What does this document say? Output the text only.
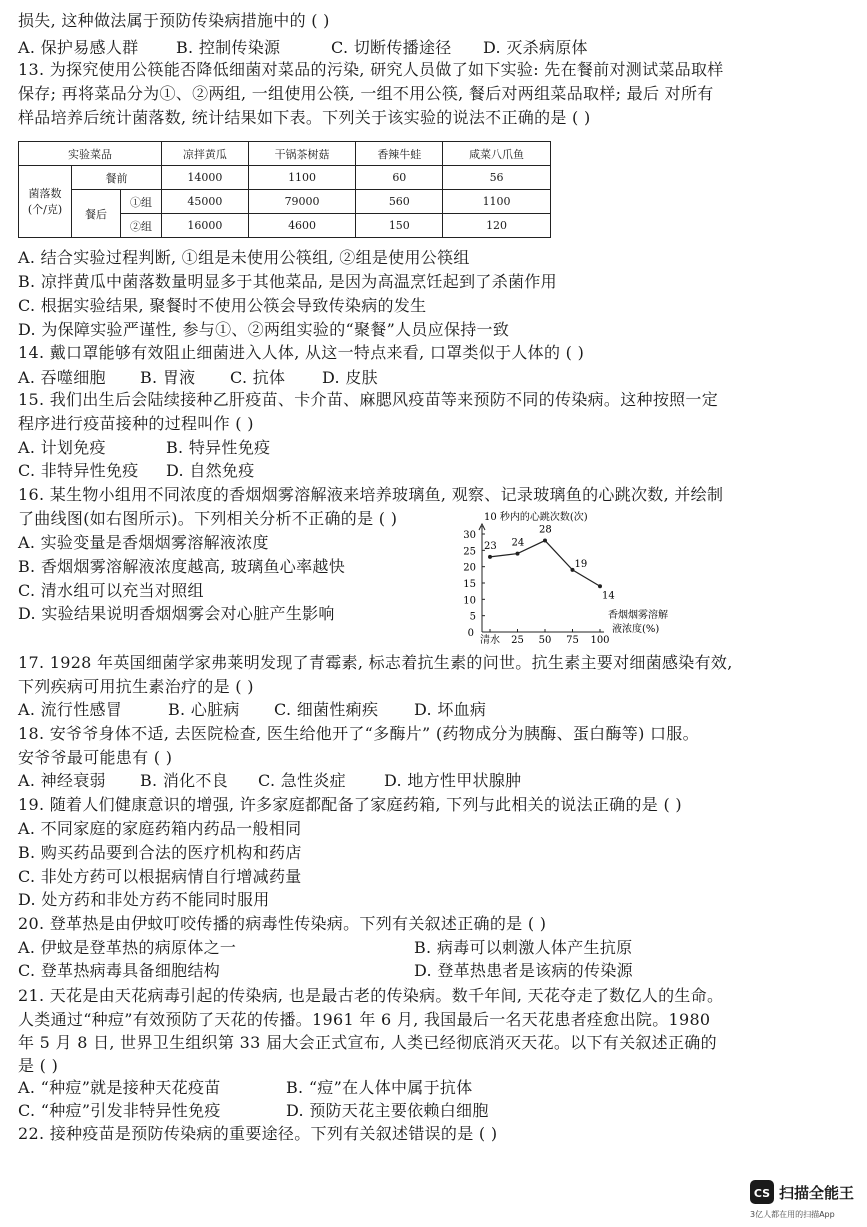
损失, 这种做法属于预防传染病措施中的 ( )
A. 保护易感人群	B. 控制传染源	C. 切断传播途径	D. 灭杀病原体
13. 为探究使用公筷能否降低细菌对菜品的污染, 研究人员做了如下实验: 先在餐前对测试菜品取样
保存; 再将菜品分为①、②两组, 一组使用公筷, 一组不用公筷, 餐后对两组菜品取样; 最后 对所有
样品培养后统计菌落数, 统计结果如下表。下列关于该实验的说法不正确的是 ( )
实验菜品			凉拌黄瓜	干锅茶树菇	香辣牛蛙	咸菜八爪鱼
菌落数
(个/克)	餐前		14000	1100	60	56
	餐后	①组	45000	79000	560	1100
		②组	16000	4600	150	120
A. 结合实验过程判断, ①组是未使用公筷组, ②组是使用公筷组
B. 凉拌黄瓜中菌落数量明显多于其他菜品, 是因为高温烹饪起到了杀菌作用
C. 根据实验结果, 聚餐时不使用公筷会导致传染病的发生
D. 为保障实验严谨性, 参与①、②两组实验的“聚餐”人员应保持一致
14. 戴口罩能够有效阻止细菌进入人体, 从这一特点来看, 口罩类似于人体的 ( )
A. 吞噬细胞	B. 胃液	C. 抗体	D. 皮肤
15. 我们出生后会陆续接种乙肝疫苗、卡介苗、麻腮风疫苗等来预防不同的传染病。这种按照一定
程序进行疫苗接种的过程叫作 ( )
A. 计划免疫	B. 特异性免疫
C. 非特异性免疫	D. 自然免疫
16. 某生物小组用不同浓度的香烟烟雾溶解液来培养玻璃鱼, 观察、记录玻璃鱼的心跳次数, 并绘制
了曲线图(如右图所示)。下列相关分析不正确的是 ( )
A. 实验变量是香烟烟雾溶解液浓度
B. 香烟烟雾溶解液浓度越高, 玻璃鱼心率越快
C. 清水组可以充当对照组
D. 实验结果说明香烟烟雾会对心脏产生影响
10 秒内的心跳次数(次)
香烟烟雾溶解
液浓度(%)
0
5
10
15
20
25
30
清水 25 50 75 100
23 24
28
19
14
17. 1928 年英国细菌学家弗莱明发现了青霉素, 标志着抗生素的问世。抗生素主要对细菌感染有效,
下列疾病可用抗生素治疗的是 ( )
A. 流行性感冒	B. 心脏病	C. 细菌性痢疾	D. 坏血病
18. 安爷爷身体不适, 去医院检查, 医生给他开了“多酶片” (药物成分为胰酶、蛋白酶等) 口服。
安爷爷最可能患有 ( )
A. 神经衰弱	B. 消化不良	C. 急性炎症	D. 地方性甲状腺肿
19. 随着人们健康意识的增强, 许多家庭都配备了家庭药箱, 下列与此相关的说法正确的是 ( )
A. 不同家庭的家庭药箱内药品一般相同
B. 购买药品要到合法的医疗机构和药店
C. 非处方药可以根据病情自行增减药量
D. 处方药和非处方药不能同时服用
20. 登革热是由伊蚊叮咬传播的病毒性传染病。下列有关叙述正确的是 ( )
A. 伊蚊是登革热的病原体之一	B. 病毒可以刺激人体产生抗原
C. 登革热病毒具备细胞结构	D. 登革热患者是该病的传染源
21. 天花是由天花病毒引起的传染病, 也是最古老的传染病。数千年间, 天花夺走了数亿人的生命。
人类通过“种痘”有效预防了天花的传播。1961 年 6 月, 我国最后一名天花患者痊愈出院。1980
年 5 月 8 日, 世界卫生组织第 33 届大会正式宣布, 人类已经彻底消灭天花。以下有关叙述正确的
是 ( )
A. “种痘”就是接种天花疫苗	B. “痘”在人体中属于抗体
C. “种痘”引发非特异性免疫	D. 预防天花主要依赖白细胞
22. 接种疫苗是预防传染病的重要途径。下列有关叙述错误的是 ( )
CS 扫描全能王
3亿人都在用的扫描App
